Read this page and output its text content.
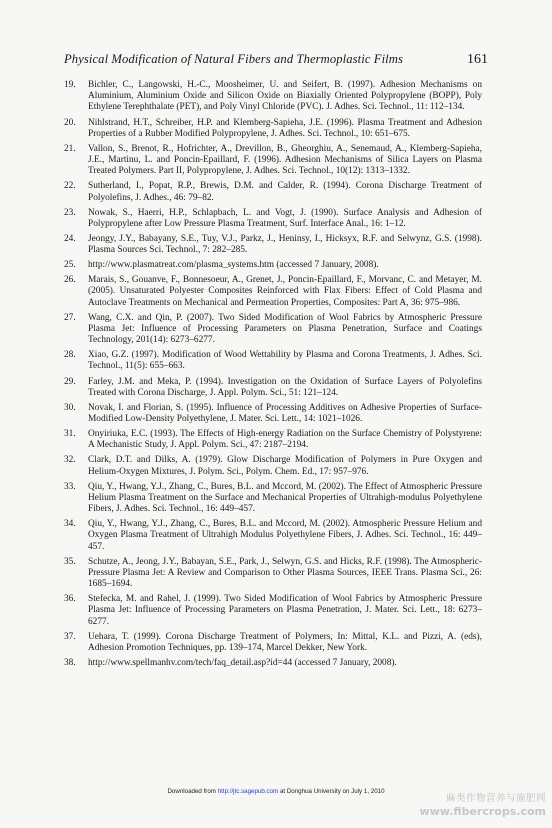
Physical Modification of Natural Fibers and Thermoplastic Films	161
19.	Bichler, C., Langowski, H.-C., Moosheimer, U. and Seifert, B. (1997). Adhesion Mechanisms on Aluminium, Aluminium Oxide and Silicon Oxide on Biaxially Oriented Polypropylene (BOPP), Poly Ethylene Terephthalate (PET), and Poly Vinyl Chloride (PVC). J. Adhes. Sci. Technol., 11: 112–134.
20.	Nihlstrand, H.T., Schreiber, H.P. and Klemberg-Sapieha, J.E. (1996). Plasma Treatment and Adhesion Properties of a Rubber Modified Polypropylene, J. Adhes. Sci. Technol., 10: 651–675.
21.	Vallon, S., Brenot, R., Hofrichter, A., Drevillon, B., Gheorghiu, A., Senemaud, A., Klemberg-Sapieha, J.E., Martinu, L. and Poncin-Epaillard, F. (1996). Adhesion Mechanisms of Silica Layers on Plasma Treated Polymers. Part II, Polypropylene, J. Adhes. Sci. Technol., 10(12): 1313–1332.
22.	Sutherland, I., Popat, R.P., Brewis, D.M. and Calder, R. (1994). Corona Discharge Treatment of Polyolefins, J. Adhes., 46: 79–82.
23.	Nowak, S., Haerri, H.P., Schlapbach, L. and Vogt, J. (1990). Surface Analysis and Adhesion of Polypropylene after Low Pressure Plasma Treatment, Surf. Interface Anal., 16: 1–12.
24.	Jeongy, J.Y., Babayany, S.E., Tuy, V.J., Parkz, J., Heninsy, I., Hicksyx, R.F. and Selwynz, G.S. (1998). Plasma Sources Sci. Technol., 7: 282–285.
25.	http://www.plasmatreat.com/plasma_systems.htm (accessed 7 January, 2008).
26.	Marais, S., Gouanve, F., Bonnesoeur, A., Grenet, J., Poncin-Epaillard, F., Morvanc, C. and Metayer, M. (2005). Unsaturated Polyester Composites Reinforced with Flax Fibers: Effect of Cold Plasma and Autoclave Treatments on Mechanical and Permeation Properties, Composites: Part A, 36: 975–986.
27.	Wang, C.X. and Qin, P. (2007). Two Sided Modification of Wool Fabrics by Atmospheric Pressure Plasma Jet: Influence of Processing Parameters on Plasma Penetration, Surface and Coatings Technology, 201(14): 6273–6277.
28.	Xiao, G.Z. (1997). Modification of Wood Wettability by Plasma and Corona Treatments, J. Adhes. Sci. Technol., 11(5): 655–663.
29.	Farley, J.M. and Meka, P. (1994). Investigation on the Oxidation of Surface Layers of Polyolefins Treated with Corona Discharge, J. Appl. Polym. Sci., 51: 121–124.
30.	Novak, I. and Florian, S. (1995). Influence of Processing Additives on Adhesive Properties of Surface-Modified Low-Density Polyethylene, J. Mater. Sci. Lett., 14: 1021–1026.
31.	Onyiriuka, E.C. (1993). The Effects of High-energy Radiation on the Surface Chemistry of Polystyrene: A Mechanistic Study, J. Appl. Polym. Sci., 47: 2187–2194.
32.	Clark, D.T. and Dilks, A. (1979). Glow Discharge Modification of Polymers in Pure Oxygen and Helium-Oxygen Mixtures, J. Polym. Sci., Polym. Chem. Ed., 17: 957–976.
33.	Qiu, Y., Hwang, Y.J., Zhang, C., Bures, B.L. and Mccord, M. (2002). The Effect of Atmospheric Pressure Helium Plasma Treatment on the Surface and Mechanical Properties of Ultrahigh-modulus Polyethylene Fibers, J. Adhes. Sci. Technol., 16: 449–457.
34.	Qiu, Y., Hwang, Y.J., Zhang, C., Bures, B.L. and Mccord, M. (2002). Atmospheric Pressure Helium and Oxygen Plasma Treatment of Ultrahigh Modulus Polyethylene Fibers, J. Adhes. Sci. Technol., 16: 449–457.
35.	Schutze, A., Jeong, J.Y., Babayan, S.E., Park, J., Selwyn, G.S. and Hicks, R.F. (1998). The Atmospheric-Pressure Plasma Jet: A Review and Comparison to Other Plasma Sources, IEEE Trans. Plasma Sci., 26: 1685–1694.
36.	Stefecka, M. and Rahel, J. (1999). Two Sided Modification of Wool Fabrics by Atmospheric Pressure Plasma Jet: Influence of Processing Parameters on Plasma Penetration, J. Mater. Sci. Lett., 18: 6273–6277.
37.	Uehara, T. (1999). Corona Discharge Treatment of Polymers, In: Mittal, K.L. and Pizzi, A. (eds), Adhesion Promotion Techniques, pp. 139–174, Marcel Dekker, New York.
38.	http://www.spellmanhv.com/tech/faq_detail.asp?id=44 (accessed 7 January, 2008).
Downloaded from http://jtc.sagepub.com at Donghua University on July 1, 2010
麻类作物营养与施肥网
www.fibercrops.com
